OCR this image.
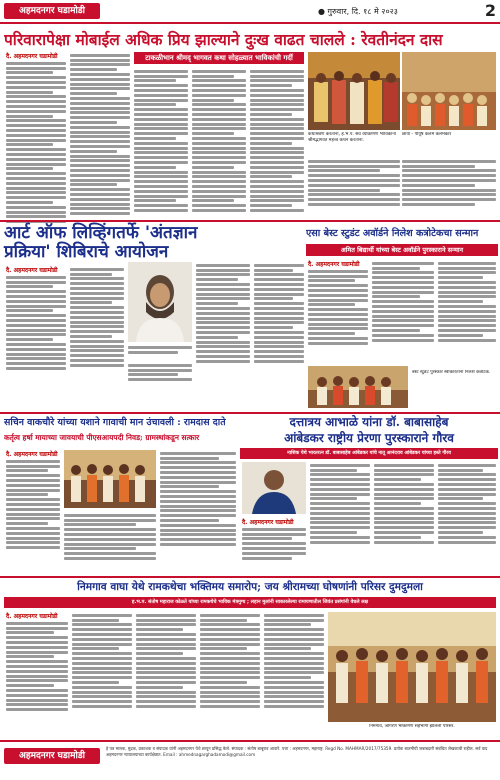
अहमदनगर घडामोडी	● गुरुवार, दि. १८ मे २०२३	2
परिवारापेक्षा मोबाईल अधिक प्रिय झाल्याने दुःख वाढत चालले : रेवतीनंदन दास
दै. अहमदनगर घडामोडी	टाकळीभान श्रीमद् भागवत कथा सोहळ्यात भाविकांची गर्दी
कथाश्रवण करताना, ह.भ.प. सर्व व्यक्तिगण भाविकांना श्रीमद्भागवत महत्त्व कथन करताना.
छाया - पीयूष कलम कलमकार
आर्ट ऑफ लिव्हिंगतर्फे 'अंतज्ञान
प्रक्रिया' शिबिराचे आयोजन
एसा बेस्ट स्टुडंट अवॉर्डने निलेश कत्रोटेकचा सन्मान
अमित बिद्यार्थी यांच्या बेस्ट अवॉर्डने पुरस्काराने सन्मान
दै. अहमदनगर घडामोडी
दै. अहमदनगर घडामोडी
बेस्ट स्टुडंट पुरस्कार स्वीकारताना निलेश कत्रोटेक.
सचिन वाकचौरे यांच्या यशाने गावाची मान उंचावली : रामदास दाते
कर्तृत्व हर्षा मायाच्या जावयाची पीएसआयपदी निवड; ग्रामस्थांकडून सत्कार
दै. अहमदनगर घडामोडी
दत्तात्रय आभाळे यांना डॉ. बाबासाहेब
आंबेडकर राष्ट्रीय प्रेरणा पुरस्काराने गौरव
नाशिक येथे भारतरत्न डॉ. बाबासाहेब आंबेडकर यांचे नातू आनंदराव आंबेडकर यांच्या हस्ते गौरव
दै. अहमदनगर घडामोडी
निमगाव वाघा येथे रामकथेचा भक्तिमय समारोप; जय श्रीरामच्या घोषणांनी परिसर दुमदुमला
ह.भ.प. संतोष महाराज कोळते यांच्या रामकथेचे भाविक मंत्रमुग्ध ; लहान मुलांनी साकारलेल्या रामायणातील जिवंत प्रसंगांनी वेधले लक्ष
दै. अहमदनगर घडामोडी
निमगाव, जागरण भक्तिगण सहभागी झालेली परिसर.
अहमदनगर घडामोडी
हे पत्र मालक, मुद्रक, प्रकाशक व संपादक यांनी अहमदनगर येथे छापून प्रसिद्ध केले. संपादक : संतोष बाबूराव आवारे. पत्ता : अहमदनगर, महाराष्ट्र. Regd No. MAHMAR/2017/75359. प्रत्येक बातमीची जबाबदारी संबंधित लेखकाची राहील. सर्व वाद अहमदनगर न्यायालयाच्या कार्यक्षेत्रात. Email : ahmednagarghadamodi@gmail.com
